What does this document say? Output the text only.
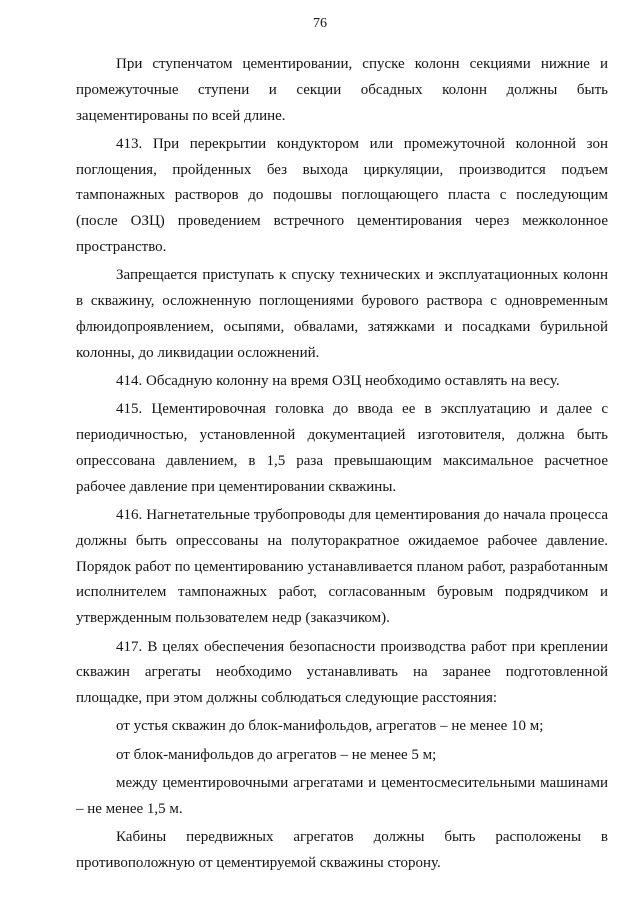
76

При ступенчатом цементировании, спуске колонн секциями нижние и промежуточные ступени и секции обсадных колонн должны быть зацементированы по всей длине.

413. При перекрытии кондуктором или промежуточной колонной зон поглощения, пройденных без выхода циркуляции, производится подъем тампонажных растворов до подошвы поглощающего пласта с последующим (после ОЗЦ) проведением встречного цементирования через межколонное пространство.

Запрещается приступать к спуску технических и эксплуатационных колонн в скважину, осложненную поглощениями бурового раствора с одновременным флюидопроявлением, осыпями, обвалами, затяжками и посадками бурильной колонны, до ликвидации осложнений.

414. Обсадную колонну на время ОЗЦ необходимо оставлять на весу.

415. Цементировочная головка до ввода ее в эксплуатацию и далее с периодичностью, установленной документацией изготовителя, должна быть опрессована давлением, в 1,5 раза превышающим максимальное расчетное рабочее давление при цементировании скважины.

416. Нагнетательные трубопроводы для цементирования до начала процесса должны быть опрессованы на полуторакратное ожидаемое рабочее давление. Порядок работ по цементированию устанавливается планом работ, разработанным исполнителем тампонажных работ, согласованным буровым подрядчиком и утвержденным пользователем недр (заказчиком).

417. В целях обеспечения безопасности производства работ при креплении скважин агрегаты необходимо устанавливать на заранее подготовленной площадке, при этом должны соблюдаться следующие расстояния:

от устья скважин до блок-манифольдов, агрегатов – не менее 10 м;

от блок-манифольдов до агрегатов – не менее 5 м;

между цементировочными агрегатами и цементосмесительными машинами – не менее 1,5 м.

Кабины передвижных агрегатов должны быть расположены в противоположную от цементируемой скважины сторону.
